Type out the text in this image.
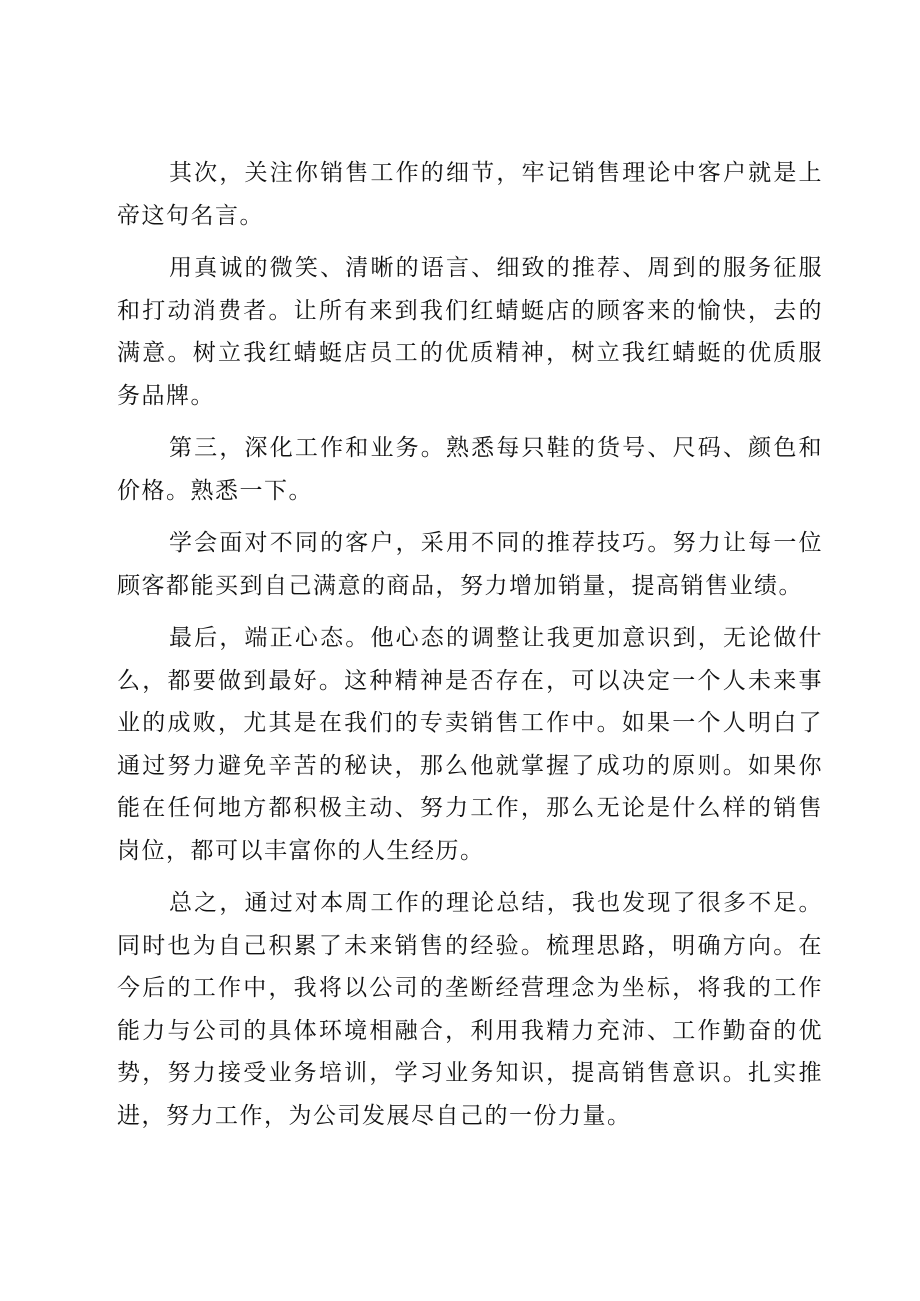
其次，关注你销售工作的细节，牢记销售理论中客户就是上帝这句名言。

用真诚的微笑、清晰的语言、细致的推荐、周到的服务征服和打动消费者。让所有来到我们红蜻蜓店的顾客来的愉快，去的满意。树立我红蜻蜓店员工的优质精神，树立我红蜻蜓的优质服务品牌。

第三，深化工作和业务。熟悉每只鞋的货号、尺码、颜色和价格。熟悉一下。

学会面对不同的客户，采用不同的推荐技巧。努力让每一位顾客都能买到自己满意的商品，努力增加销量，提高销售业绩。

最后，端正心态。他心态的调整让我更加意识到，无论做什么，都要做到最好。这种精神是否存在，可以决定一个人未来事业的成败，尤其是在我们的专卖销售工作中。如果一个人明白了通过努力避免辛苦的秘诀，那么他就掌握了成功的原则。如果你能在任何地方都积极主动、努力工作，那么无论是什么样的销售岗位，都可以丰富你的人生经历。

总之，通过对本周工作的理论总结，我也发现了很多不足。同时也为自己积累了未来销售的经验。梳理思路，明确方向。在今后的工作中，我将以公司的垄断经营理念为坐标，将我的工作能力与公司的具体环境相融合，利用我精力充沛、工作勤奋的优势，努力接受业务培训，学习业务知识，提高销售意识。扎实推进，努力工作，为公司发展尽自己的一份力量。
